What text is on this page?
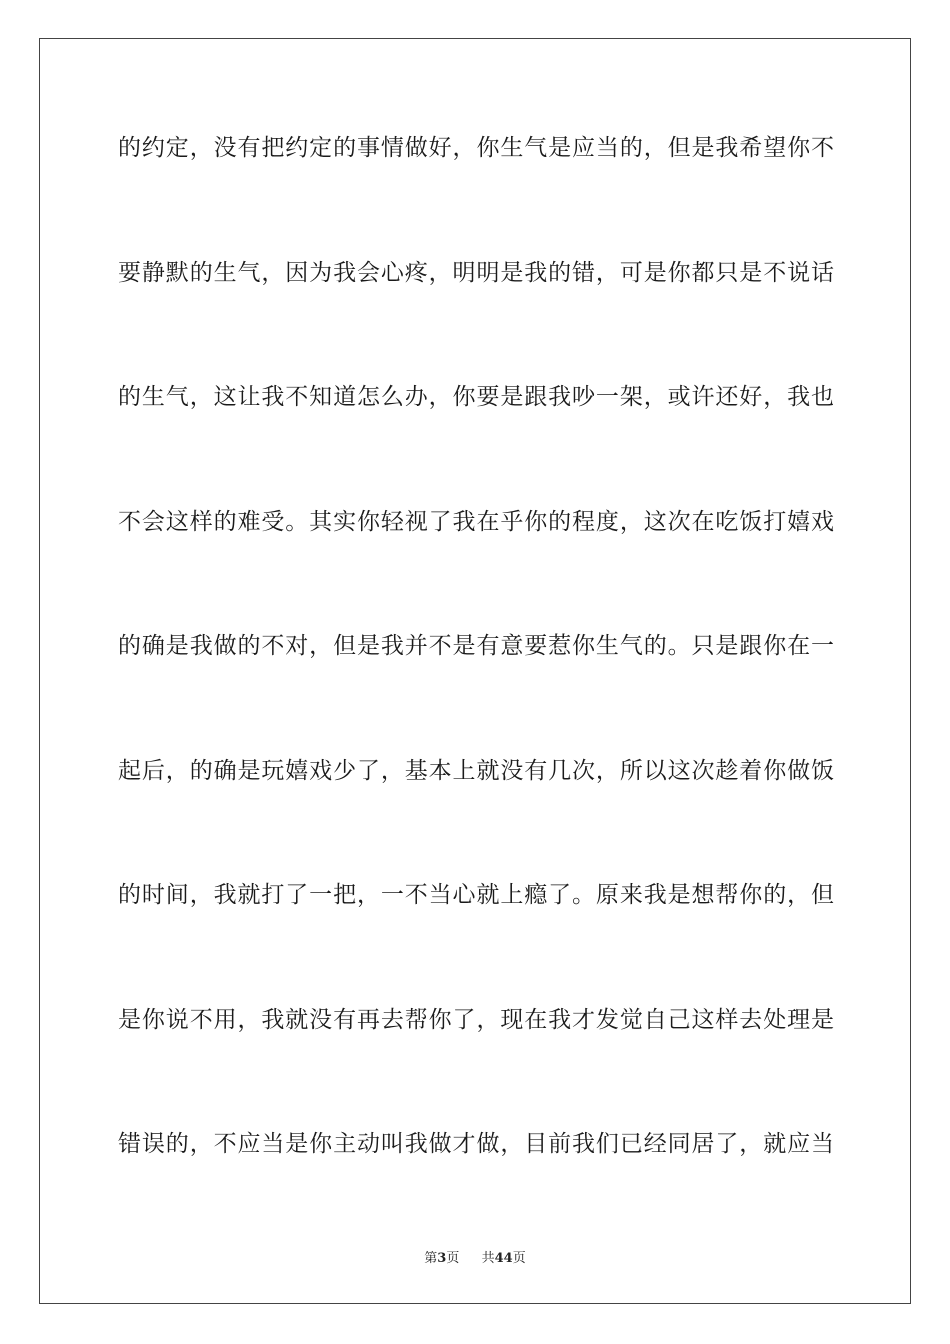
的约定，没有把约定的事情做好，你生气是应当的，但是我希望你不
要静默的生气，因为我会心疼，明明是我的错，可是你都只是不说话
的生气，这让我不知道怎么办，你要是跟我吵一架，或许还好，我也
不会这样的难受。其实你轻视了我在乎你的程度，这次在吃饭打嬉戏
的确是我做的不对，但是我并不是有意要惹你生气的。只是跟你在一
起后，的确是玩嬉戏少了，基本上就没有几次，所以这次趁着你做饭
的时间，我就打了一把，一不当心就上瘾了。原来我是想帮你的，但
是你说不用，我就没有再去帮你了，现在我才发觉自己这样去处理是
错误的，不应当是你主动叫我做才做，目前我们已经同居了，就应当
第3页 共44页
